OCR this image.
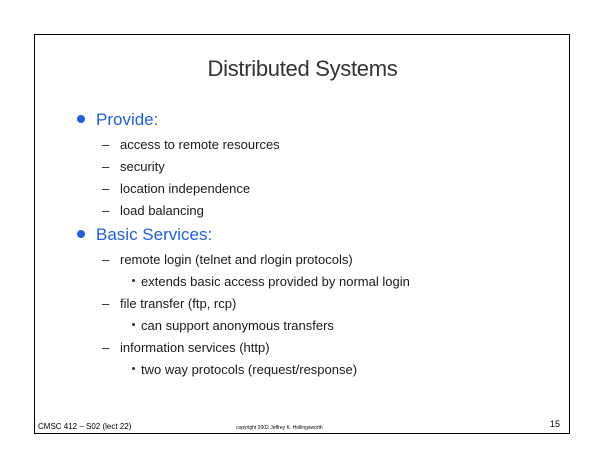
Distributed Systems
Provide:
– access to remote resources
– security
– location independence
– load balancing
Basic Services:
– remote login (telnet and rlogin protocols)
extends basic access provided by normal login
– file transfer (ftp, rcp)
can support anonymous transfers
– information services (http)
two way protocols (request/response)
CMSC 412 – S02 (lect 22)	copyright 2002 Jeffrey K. Hollingsworth	15
